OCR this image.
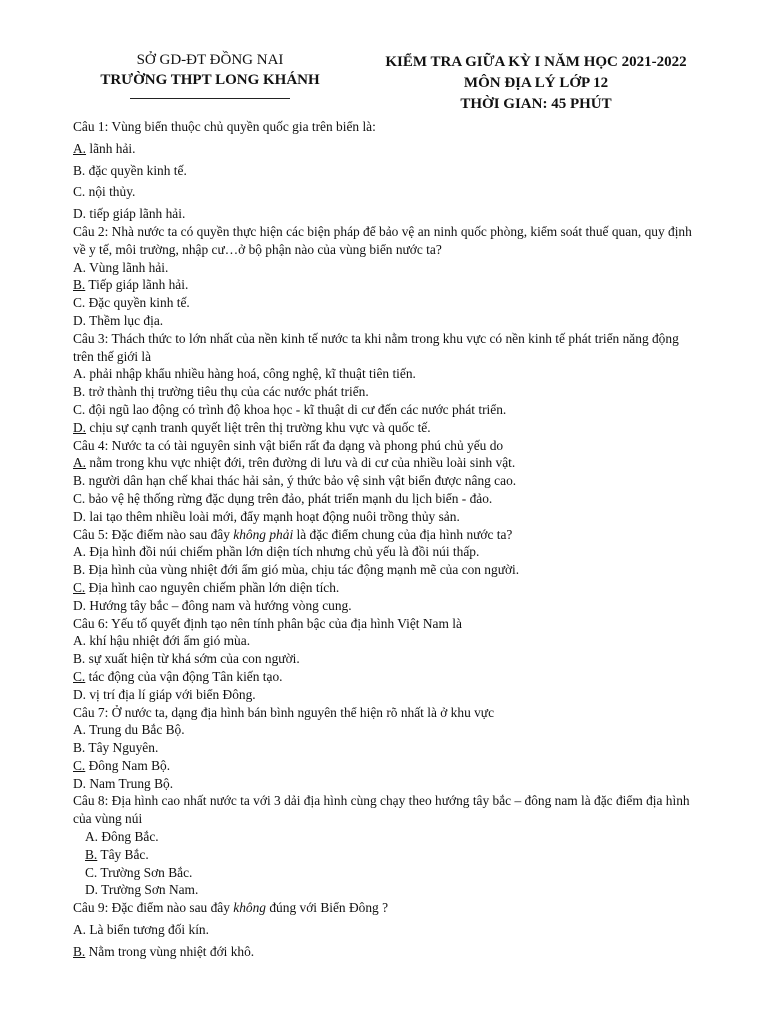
SỞ GD-ĐT ĐỒNG NAI
TRƯỜNG THPT LONG KHÁNH
KIỂM TRA GIỮA KỲ I NĂM HỌC 2021-2022
MÔN ĐỊA LÝ LỚP 12
THỜI GIAN: 45 PHÚT

Câu 1: Vùng biển thuộc chủ quyền quốc gia trên biển là:

A. lãnh hải.

B. đặc quyền kinh tế.

C. nội thủy.

D. tiếp giáp lãnh hải.

Câu 2: Nhà nước ta có quyền thực hiện các biện pháp để bảo vệ an ninh quốc phòng, kiểm soát thuế quan, quy định về y tế, môi trường, nhập cư…ở bộ phận nào của vùng biển nước ta?

A. Vùng lãnh hải.

B. Tiếp giáp lãnh hải.

C. Đặc quyền kinh tế.

D. Thềm lục địa.

Câu 3: Thách thức to lớn nhất của nền kinh tế nước ta khi nằm trong khu vực có nền kinh tế phát triển năng động trên thế giới là

A. phải nhập khẩu nhiều hàng hoá, công nghệ, kĩ thuật tiên tiến.

B. trở thành thị trường tiêu thụ của các nước phát triển.

C. đội ngũ lao động có trình độ khoa học - kĩ thuật di cư đến các nước phát triển.

D. chịu sự cạnh tranh quyết liệt trên thị trường khu vực và quốc tế.

Câu 4: Nước ta có tài nguyên sinh vật biển rất đa dạng và phong phú chủ yếu do

A. nằm trong khu vực nhiệt đới, trên đường di lưu và di cư của nhiều loài sinh vật.

B. người dân hạn chế khai thác hải sản, ý thức bảo vệ sinh vật biển được nâng cao.

C. bảo vệ hệ thống rừng đặc dụng trên đảo, phát triển mạnh du lịch biển - đảo.

D. lai tạo thêm nhiều loài mới, đẩy mạnh hoạt động nuôi trồng thủy sản.

Câu 5: Đặc điểm nào sau đây không phải là đặc điểm chung của địa hình nước ta?

A. Địa hình đồi núi chiếm phần lớn diện tích nhưng chủ yếu là đồi núi thấp.

B. Địa hình của vùng nhiệt đới ẩm gió mùa, chịu tác động mạnh mẽ của con người.

C. Địa hình cao nguyên chiếm phần lớn diện tích.

D. Hướng tây bắc – đông nam và hướng vòng cung.

Câu 6: Yếu tố quyết định tạo nên tính phân bậc của địa hình Việt Nam là

A. khí hậu nhiệt đới ẩm gió mùa.

B. sự xuất hiện từ khá sớm của con người.

C. tác động của vận động Tân kiến tạo.

D. vị trí địa lí giáp với biển Đông.

Câu 7: Ở nước ta, dạng địa hình bán bình nguyên thể hiện rõ nhất là ở khu vực

A. Trung du Bắc Bộ.

B. Tây Nguyên.

C. Đông Nam Bộ.

D. Nam Trung Bộ.

Câu 8: Địa hình cao nhất nước ta với 3 dải địa hình cùng chạy theo hướng tây bắc – đông nam là đặc điểm địa hình của vùng núi

A. Đông Bắc.

B. Tây Bắc.

C. Trường Sơn Bắc.

D. Trường Sơn Nam.

Câu 9: Đặc điểm nào sau đây không đúng với Biển Đông ?

A. Là biển tương đối kín.

B. Nằm trong vùng nhiệt đới khô.
